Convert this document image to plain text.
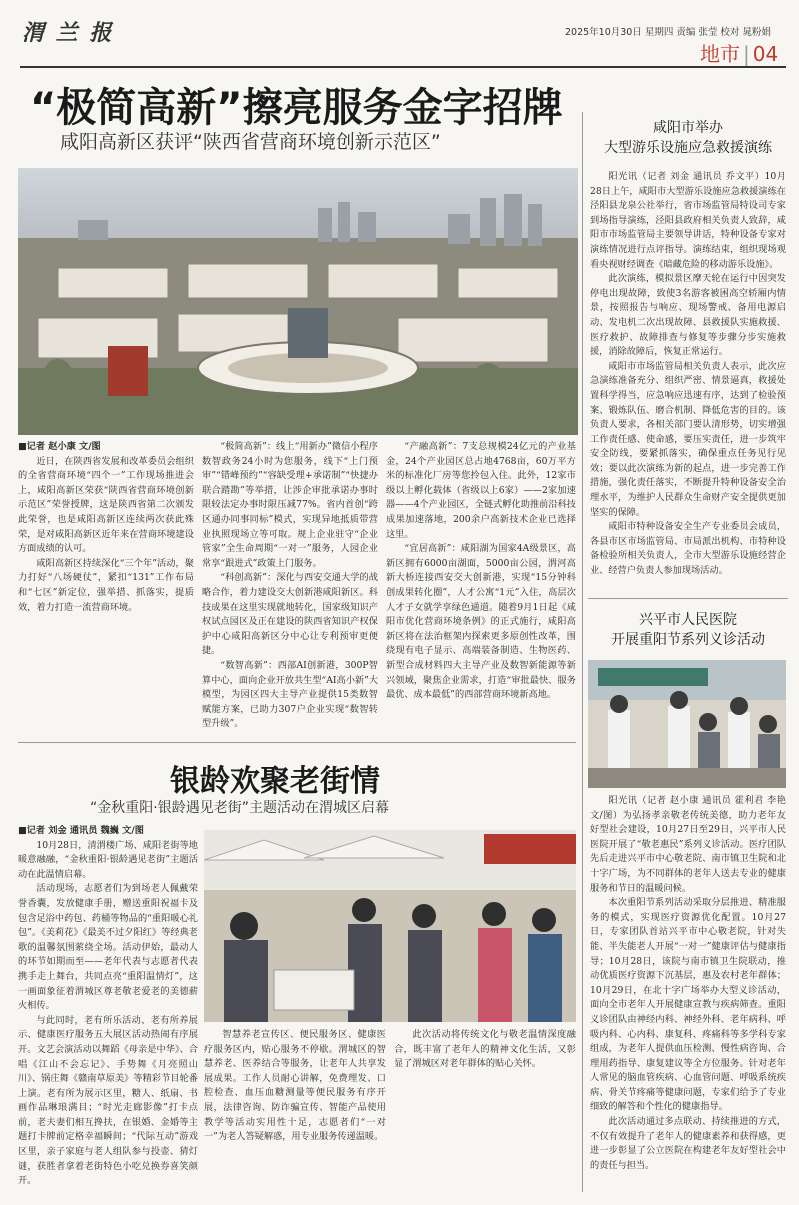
渭 兰 报	2025年10月30日 星期四 责编 张莹 校对 晁粉娟
地市 | 04
“极简高新”擦亮服务金字招牌
咸阳高新区获评“陕西省营商环境创新示范区”

■记者 赵小康 文/图

近日，在陕西省发展和改革委员会组织的全省营商环境“四个一”工作现场推进会上，咸阳高新区荣获“陕西省营商环境创新示范区”荣誉授牌，这是陕西省第二次颁发此荣誉，也是咸阳高新区连续两次获此殊荣，是对咸阳高新区近年来在营商环境建设方面成绩的认可。

咸阳高新区持续深化“三个年”活动，聚力打好“八场硬仗”，紧扣“131”工作布局和“七区”新定位，强举措、抓落实，提质效，着力打造一流营商环境。

“极简高新”：线上“用新办”微信小程序数智政务24小时为您服务，线下“上门预审”“错峰预约”“容缺受理+承诺制”“快捷办联合踏勘”等举措，让涉企审批承诺办事时限较法定办事时限压减77%。省内首创“跨区通办同事同标”模式，实现异地抵质带营业执照现场立等可取。规上企业驻守“企业管家”全生命周期“一对一”服务，人园企业常享“跟进式”政策上门服务。

“科创高新”：深化与西安交通大学的战略合作，着力建设交大创新港咸阳新区。科技成果在这里实现就地转化，国家级知识产权试点园区及正在建设的陕西省知识产权保护中心咸阳高新区分中心让专利预审更便捷。

“数智高新”：西部AI创新港，300P智算中心，面向企业开放共生型“AI高小新”大模型，为园区四大主导产业提供15类数智赋能方案，已助力307户企业实现“数智转型升级”。

“产融高新”：7支总规模24亿元的产业基金，24个产业园区总占地4768亩，60万平方米的标准化厂房等您拎包入住。此外，12家市级以上孵化载体（省级以上6家）——2家加速器——4个产业园区，全链式孵化助推前沿科技成果加速落地，200余户高新技术企业已选择这里。

“宜居高新”：咸阳湖为国家4A级景区，高新区拥有6000亩湖面，5000亩公园，渭河高新大桥连接西安交大创新港，实现“15分钟科创成果转化圈”，人才公寓“1元”入住，高层次人才子女就学享绿色通道。随着9月1日起《咸阳市优化营商环境条例》的正式施行，咸阳高新区将在法治框架内探索更多原创性改革，围绕现有电子显示、高端装备制造、生物医药、新型合成材料四大主导产业及数智新能源等新兴领域，聚焦企业需求，打造“审批最快、服务最优、成本最低”的西部营商环境新高地。

咸阳市举办
大型游乐设施应急救援演练

阳光讯（记者 刘金 通讯员 乔文平）10月28日上午，咸阳市大型游乐设施应急救援演练在泾阳县龙泉公社举行，省市场监管局特设司专家到场指导演练，泾阳县政府相关负责人致辞，咸阳市市场监管局主要领导讲话，特种设备专家对演练情况进行点评指导。演练结束，组织现场观看央视财经调查《暗藏危险的移动游乐设施》。

此次演练，模拟景区摩天轮在运行中因突发停电出现故障，致使3名游客被困高空轿厢内情景，按照报告与响应、现场警戒、备用电源启动、发电机二次出现故障、县救援队实施救援、医疗救护、故障排查与修复等步骤分步实施救援，消除故障后，恢复正常运行。

咸阳市市场监管局相关负责人表示，此次应急演练准备充分、组织严密、情景逼真，救援处置科学得当，应急响应迅速有序，达到了检验预案、锻炼队伍、磨合机制、降低危害的目的。该负责人要求，各相关部门要认清形势，切实增强工作责任感、使命感，要压实责任，进一步筑牢安全防线，要紧抓落实，确保重点任务见行见效；要以此次演练为新的起点，进一步完善工作措施，强化责任落实，不断提升特种设备安全治理水平，为维护人民群众生命财产安全提供更加坚实的保障。

咸阳市特种设备安全生产专业委员会成员，各县市区市场监管局、市局派出机构、市特种设备检验所相关负责人，全市大型游乐设施经营企业、经营户负责人参加现场活动。

兴平市人民医院
开展重阳节系列义诊活动

阳光讯（记者 赵小康 通讯员 霍利君 李艳文/图）为弘扬孝亲敬老传统美德，助力老年友好型社会建设，10月27日至29日，兴平市人民医院开展了“敬老惠民”系列义诊活动。医疗团队先后走进兴平市中心敬老院、南市镇卫生院和北十字广场，为不同群体的老年人送去专业的健康服务和节日的温暖问候。

本次重阳节系列活动采取分层推进、精准服务的模式，实现医疗资源优化配置。10月27日，专家团队首站兴平市中心敬老院，针对失能、半失能老人开展“一对一”健康评估与健康指导；10月28日，该院与南市镇卫生院联动，推动优质医疗资源下沉基层，惠及农村老年群体；10月29日，在北十字广场举办大型义诊活动，面向全市老年人开展健康宣教与疾病筛查。重阳义诊团队由神经内科、神经外科、老年病科、呼吸内科、心内科、康复科、疼痛科等多学科专家组成，为老年人提供血压检测、慢性病咨询、合理用药指导、康复建议等全方位服务。针对老年人常见的脑血管疾病、心血管问题、呼吸系统疾病、骨关节疼痛等健康问题，专家们给予了专业细致的解答和个性化的健康指导。

此次活动通过多点联动、持续推进的方式，不仅有效提升了老年人的健康素养和获得感，更进一步彰显了公立医院在构建老年友好型社会中的责任与担当。

银龄欢聚老街情
“金秋重阳·银龄遇见老街”主题活动在渭城区启幕

■记者 刘金 通讯员 魏巍 文/图

10月28日，清渭楼广场、咸阳老街等地暖意融融，“金秋重阳·银龄遇见老街”主题活动在此温情启幕。

活动现场，志愿者们为到场老人佩戴荣誉香囊，发放健康手册，赠送重阳祝福卡及包含足浴中药包、药桶等物品的“重阳暖心礼包”。《美莉花》《最美不过夕阳红》等经典老歌的温馨氛围萦绕全场。活动伊始，最动人的环节如期而至——老年代表与志愿者代表携手走上舞台，共同点亮“重阳温情灯”，这一画面象征着渭城区尊老敬老爱老的美德薪火相传。

与此同时，老有所乐活动、老有所养展示、健康医疗服务五大展区活动热闹有序展开。文艺会演活动以舞蹈《母亲是中华》、合唱《江山不会忘记》、手势舞《月亮照山川》、锅庄舞《赣南草原美》等精彩节目轮番上演。老有所为展示区里，糖人、纸扇、书画作品琳琅满目；“时光走廊影像”打卡点前，老夫妻们相互搀扶，在银婚、金婚等主题打卡牌前定格幸福瞬间；“代际互动”游戏区里，亲子家庭与老人组队参与投壶、猜灯谜，获胜者拿着老街特色小吃兑换券喜笑颜开。

智慧养老宣传区、便民服务区、健康医疗服务区内，贴心服务不停歇。渭城区的智慧养老、医养结合等服务，让老年人共享发展成果。工作人员耐心讲解，免费理发、口腔检查、血压血糖测量等便民服务有序开展，法律咨询、防诈骗宣传、智能产品使用教学等活动实用性十足，志愿者们“一对一”为老人答疑解惑，用专业服务传递温暖。

此次活动将传统文化与敬老温情深度融合，既丰富了老年人的精神文化生活，又彰显了渭城区对老年群体的贴心关怀。
